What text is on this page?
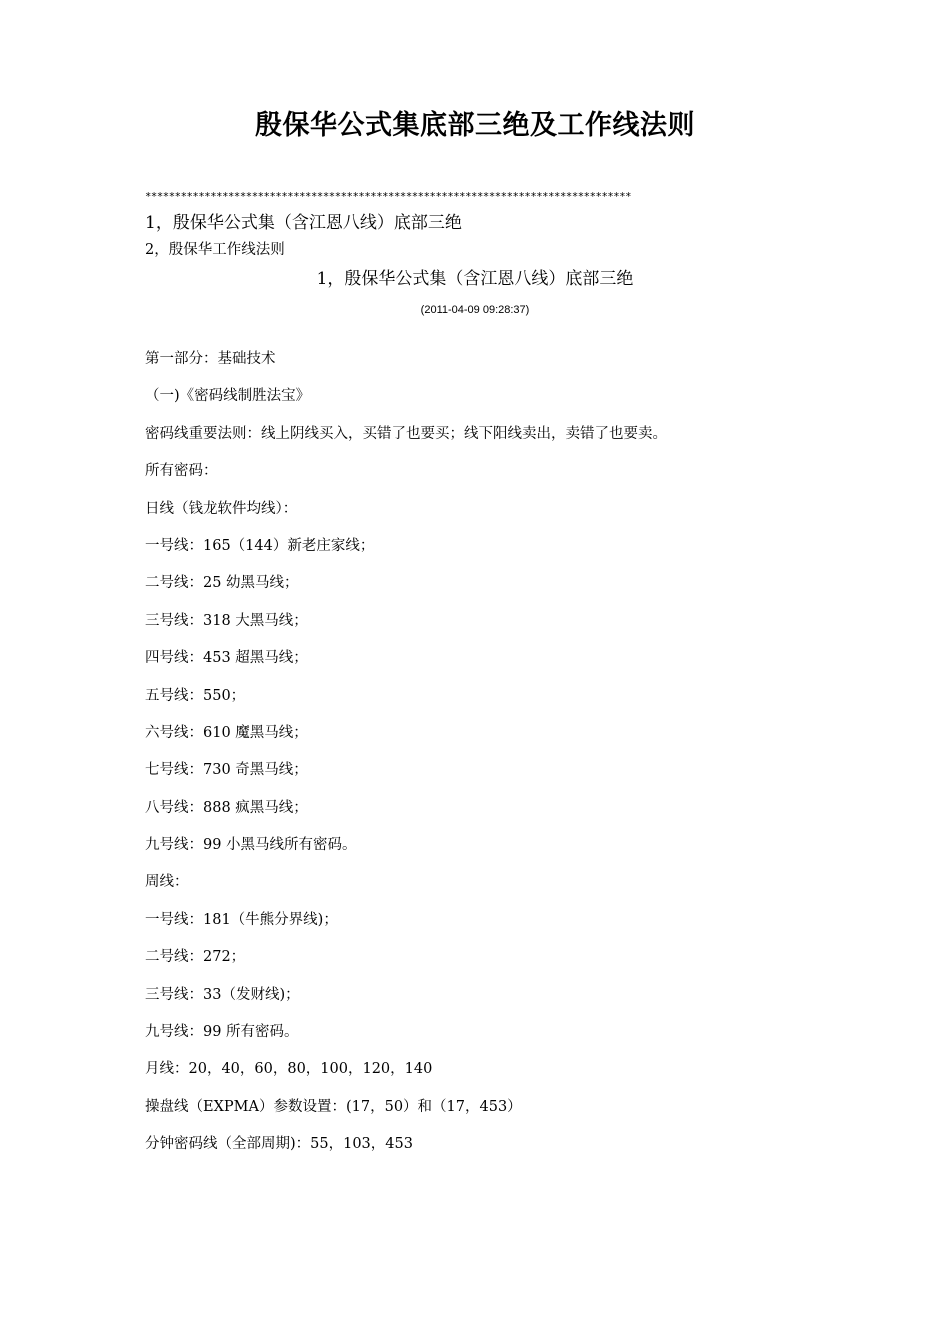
殷保华公式集底部三绝及工作线法则
**********************************************************************************
1，殷保华公式集（含江恩八线）底部三绝
2，殷保华工作线法则
1，殷保华公式集（含江恩八线）底部三绝
(2011-04-09 09:28:37)
第一部分：基础技术
（一)《密码线制胜法宝》
密码线重要法则：线上阴线买入，买错了也要买；线下阳线卖出，卖错了也要卖。
所有密码：
日线（钱龙软件均线）：
一号线：165（144）新老庄家线；
二号线：25 幼黑马线；
三号线：318 大黑马线；
四号线：453 超黑马线；
五号线：550；
六号线：610 魔黑马线；
七号线：730 奇黑马线；
八号线：888 疯黑马线；
九号线：99 小黑马线所有密码。
周线：
一号线：181（牛熊分界线)；
二号线：272；
三号线：33（发财线)；
九号线：99 所有密码。
月线：20，40，60，80，100，120，140
操盘线（EXPMA）参数设置：(17，50）和（17，453）
分钟密码线（全部周期)：55，103，453
